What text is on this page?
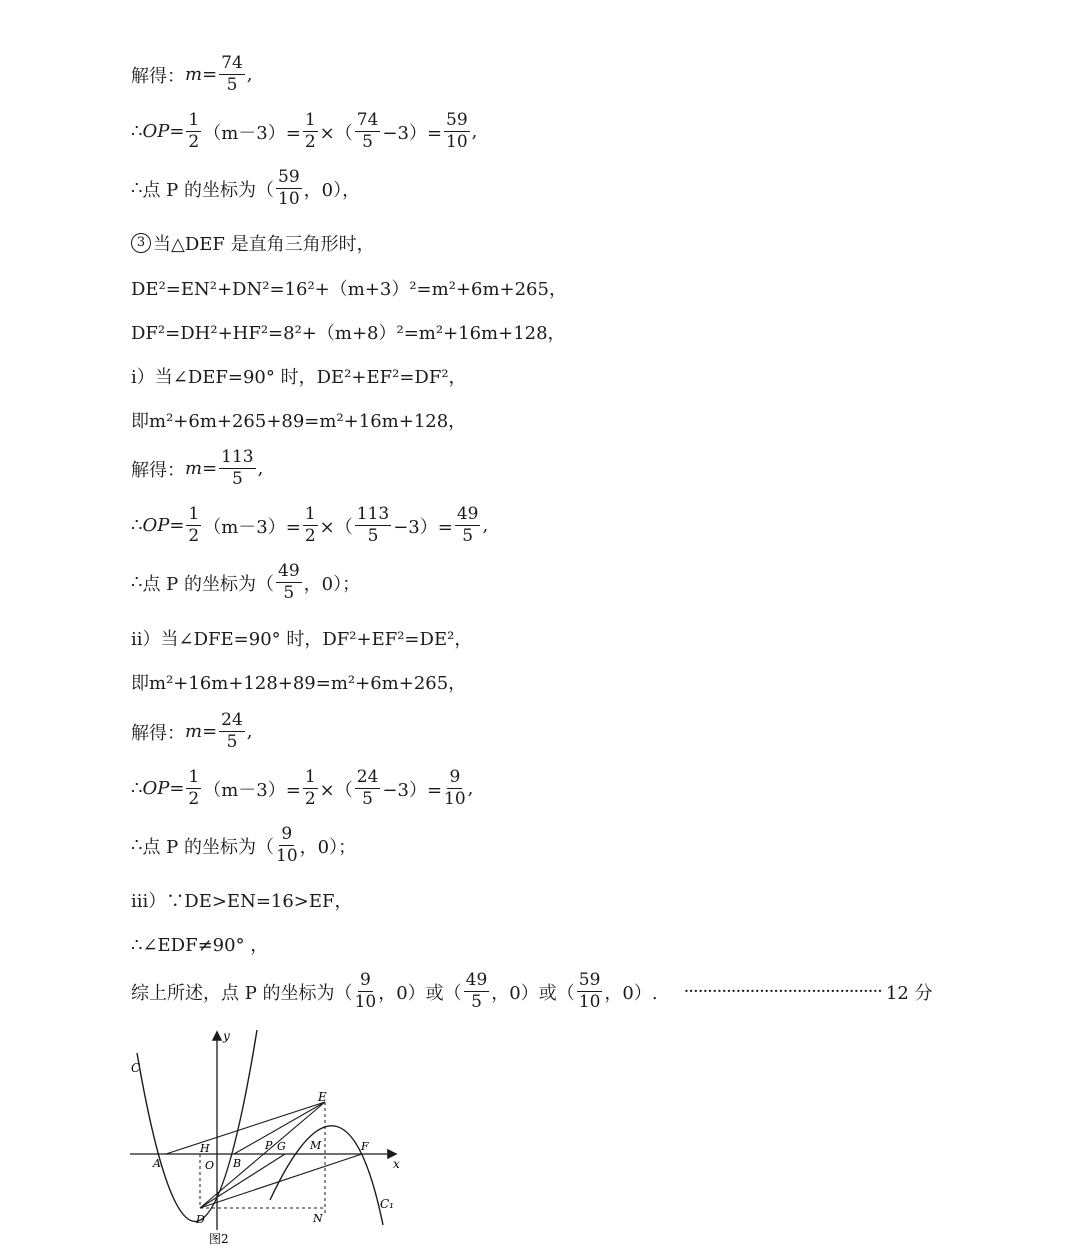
解得： $m= \frac{74}{5}$ ,
∴ $OP= \frac{1}{2} (m-3)= \frac{1}{2}$ ×（ $\frac{74}{5} -3)= \frac{59}{10}$ ,
∴ 点 P 的坐标为（ $\frac{59}{10}$ ，0），
3 当△DEF 是直角三角形时，
DE²=EN²+DN²=16²+（m+3）²=m²+6m+265，
DF²=DH²+HF²=8²+（m+8）²=m²+16m+128，
i）当∠DEF=90° 时，DE²+EF²=DF²，
即 m²+6m+265+89=m²+16m+128，
解得： $m= \frac{113}{5}$ ,
∴ $OP= \frac{1}{2} (m-3)= \frac{1}{2}$ ×（ $\frac{113}{5} -3)= \frac{49}{5}$ ,
∴ 点 P 的坐标为（ $\frac{49}{5}$ ，0）；
ii）当∠DFE=90° 时，DF²+EF²=DE²，
即 m²+16m+128+89=m²+6m+265，
解得： $m= \frac{24}{5}$ ,
∴ $OP= \frac{1}{2} (m-3)= \frac{1}{2}$ ×（ $\frac{24}{5} -3)= \frac{9}{10}$ ,
∴ 点 P 的坐标为（ $\frac{9}{10}$ ，0）；
iii）∵DE>EN=16>EF，
∴∠EDF≠90° ，
综上所述，点 P 的坐标为（ $\frac{9}{10}$ ，0）或（ $\frac{49}{5}$ ，0）或（ $\frac{59}{10}$ ，0）. ·········································· 12 分
y
x
C
C₁
E
H
O
A	B
P G M	F
D	N
图2
